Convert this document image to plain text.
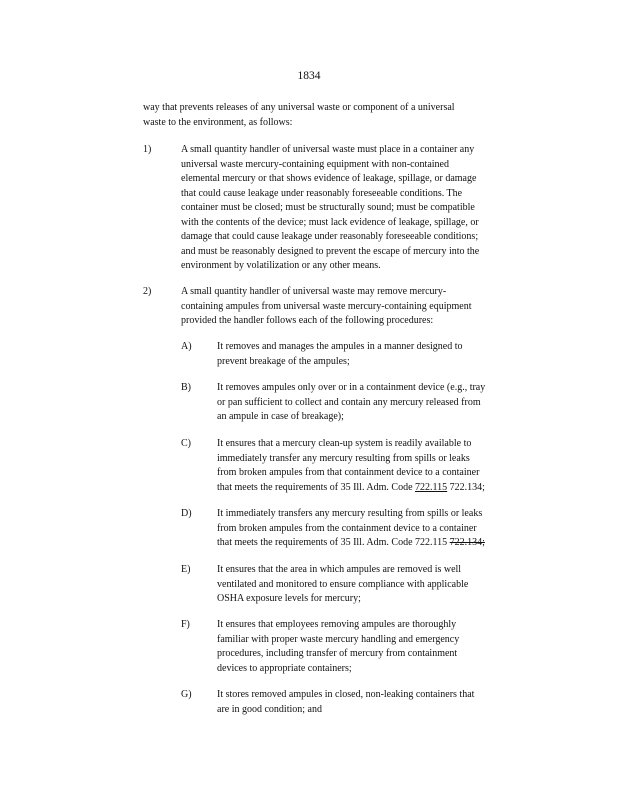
1834
way that prevents releases of any universal waste or component of a universal
waste to the environment, as follows:
1)	A small quantity handler of universal waste must place in a container any
universal waste mercury-containing equipment with non-contained
elemental mercury or that shows evidence of leakage, spillage, or damage
that could cause leakage under reasonably foreseeable conditions. The
container must be closed; must be structurally sound; must be compatible
with the contents of the device; must lack evidence of leakage, spillage, or
damage that could cause leakage under reasonably foreseeable conditions;
and must be reasonably designed to prevent the escape of mercury into the
environment by volatilization or any other means.
2)	A small quantity handler of universal waste may remove mercury-
containing ampules from universal waste mercury-containing equipment
provided the handler follows each of the following procedures:
A)	It removes and manages the ampules in a manner designed to
prevent breakage of the ampules;
B)	It removes ampules only over or in a containment device (e.g., tray
or pan sufficient to collect and contain any mercury released from
an ampule in case of breakage);
C)	It ensures that a mercury clean-up system is readily available to
immediately transfer any mercury resulting from spills or leaks
from broken ampules from that containment device to a container
that meets the requirements of 35 Ill. Adm. Code 722.115 722.134;
D)	It immediately transfers any mercury resulting from spills or leaks
from broken ampules from the containment device to a container
that meets the requirements of 35 Ill. Adm. Code 722.115 722.134;
E)	It ensures that the area in which ampules are removed is well
ventilated and monitored to ensure compliance with applicable
OSHA exposure levels for mercury;
F)	It ensures that employees removing ampules are thoroughly
familiar with proper waste mercury handling and emergency
procedures, including transfer of mercury from containment
devices to appropriate containers;
G)	It stores removed ampules in closed, non-leaking containers that
are in good condition; and
